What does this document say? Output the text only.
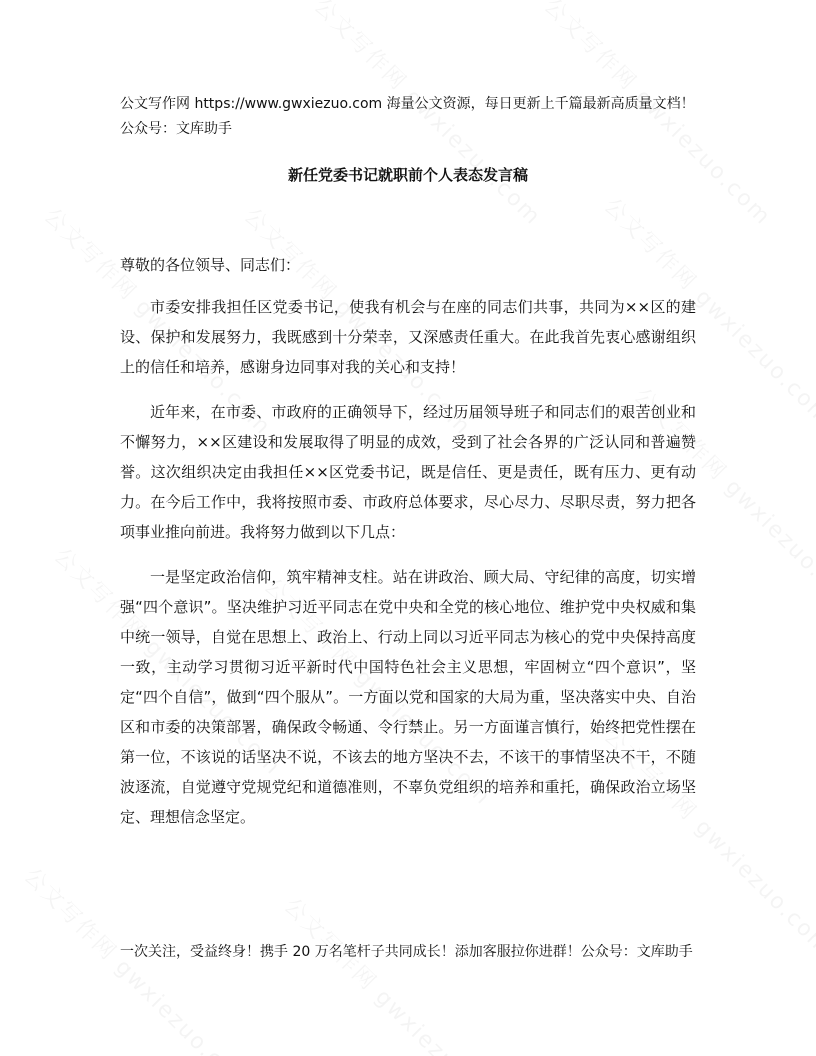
公文写作网 https://www.gwxiezuo.com 海量公文资源，每日更新上千篇最新高质量文档！ 公众号：文库助手
新任党委书记就职前个人表态发言稿
尊敬的各位领导、同志们：

市委安排我担任区党委书记，使我有机会与在座的同志们共事，共同为××区的建设、保护和发展努力，我既感到十分荣幸，又深感责任重大。在此我首先衷心感谢组织上的信任和培养，感谢身边同事对我的关心和支持！

近年来，在市委、市政府的正确领导下，经过历届领导班子和同志们的艰苦创业和不懈努力，××区建设和发展取得了明显的成效，受到了社会各界的广泛认同和普遍赞誉。这次组织决定由我担任××区党委书记，既是信任、更是责任，既有压力、更有动力。在今后工作中，我将按照市委、市政府总体要求，尽心尽力、尽职尽责，努力把各项事业推向前进。我将努力做到以下几点：

一是坚定政治信仰，筑牢精神支柱。站在讲政治、顾大局、守纪律的高度，切实增强“四个意识”。坚决维护习近平同志在党中央和全党的核心地位、维护党中央权威和集中统一领导，自觉在思想上、政治上、行动上同以习近平同志为核心的党中央保持高度一致，主动学习贯彻习近平新时代中国特色社会主义思想，牢固树立“四个意识”，坚定“四个自信”，做到“四个服从”。一方面以党和国家的大局为重，坚决落实中央、自治区和市委的决策部署，确保政令畅通、令行禁止。另一方面谨言慎行，始终把党性摆在第一位，不该说的话坚决不说，不该去的地方坚决不去，不该干的事情坚决不干，不随波逐流，自觉遵守党规党纪和道德准则，不辜负党组织的培养和重托，确保政治立场坚定、理想信念坚定。

一次关注，受益终身！携手 20 万名笔杆子共同成长！添加客服拉你进群！公众号：文库助手
